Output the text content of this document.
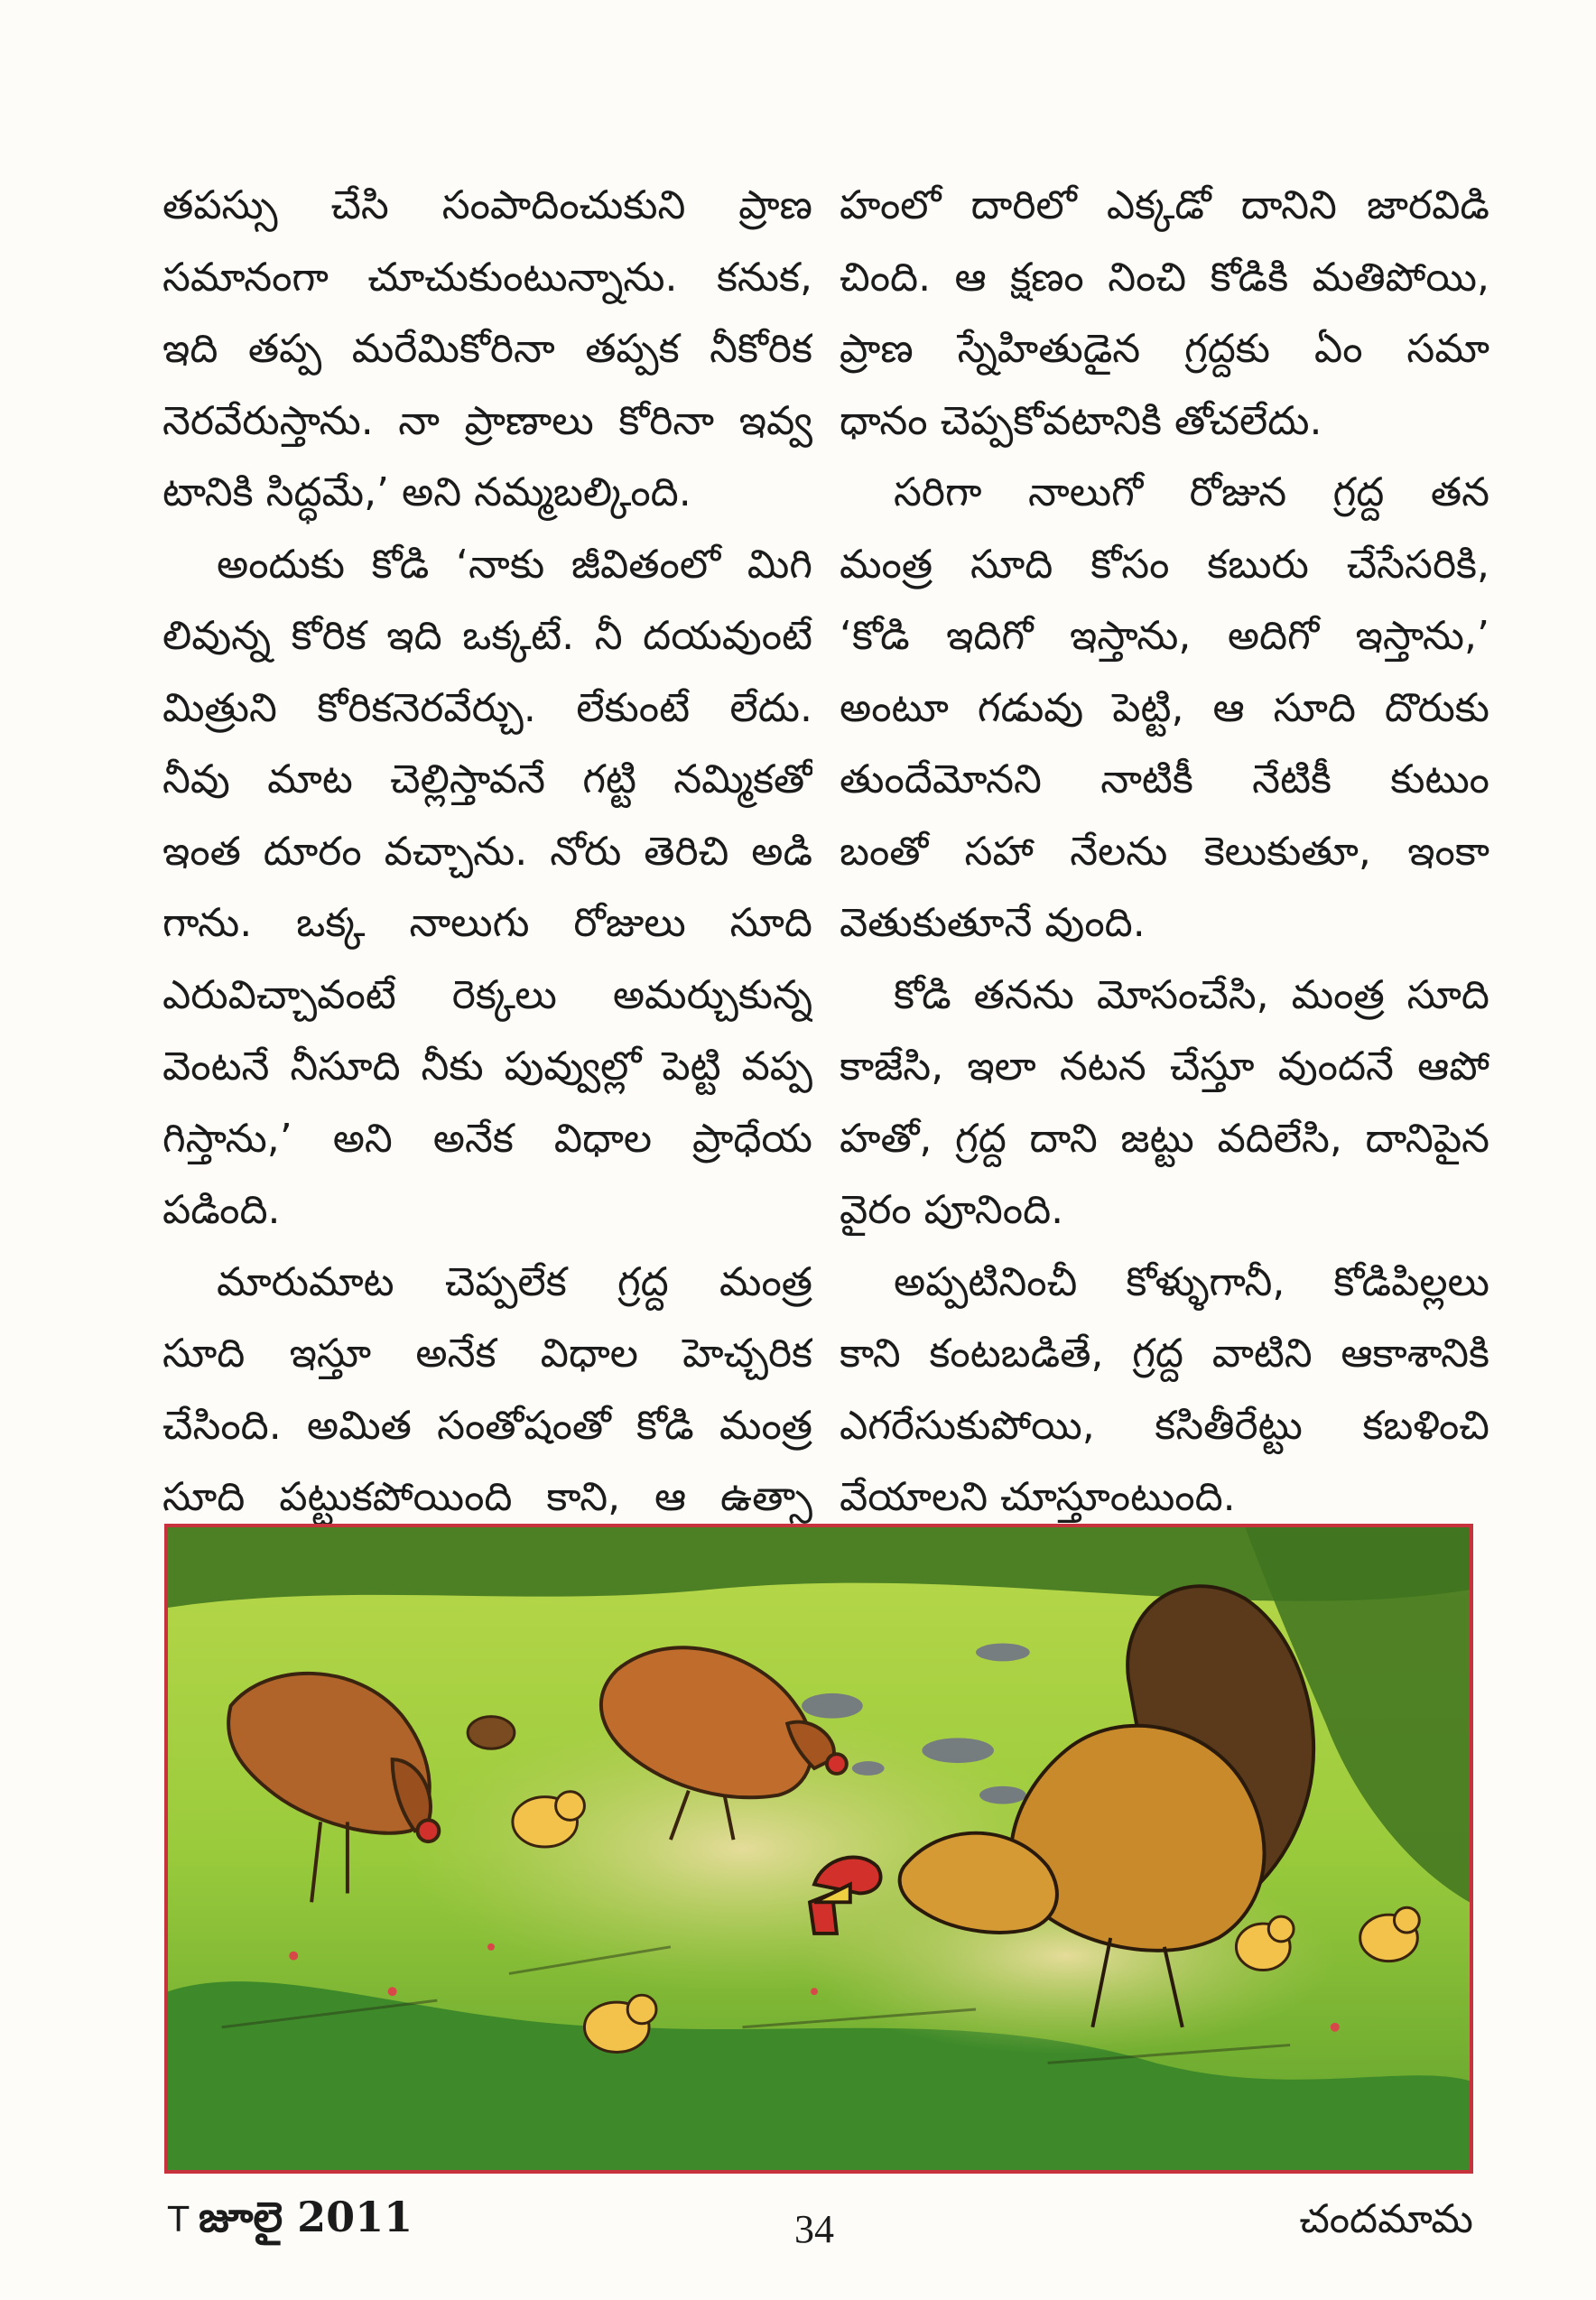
తపస్సు చేసి సంపాదించుకుని ప్రాణ
సమానంగా చూచుకుంటున్నాను. కనుక,
ఇది తప్ప మరేమికోరినా తప్పక నీకోరిక
నెరవేరుస్తాను. నా ప్రాణాలు కోరినా ఇవ్వ
టానికి సిద్ధమే,’ అని నమ్మబల్కింది.
అందుకు కోడి ‘నాకు జీవితంలో మిగి
లివున్న కోరిక ఇది ఒక్కటే. నీ దయవుంటే
మిత్రుని కోరికనెరవేర్చు. లేకుంటే లేదు.
నీవు మాట చెల్లిస్తావనే గట్టి నమ్మికతో
ఇంత దూరం వచ్చాను. నోరు తెరిచి అడి
గాను. ఒక్క నాలుగు రోజులు సూది
ఎరువిచ్చావంటే రెక్కలు అమర్చుకున్న
వెంటనే నీసూది నీకు పువ్వుల్లో పెట్టి వప్ప
గిస్తాను,’ అని అనేక విధాల ప్రాధేయ
పడింది.
మారుమాట చెప్పలేక గ్రద్ద మంత్ర
సూది ఇస్తూ అనేక విధాల హెచ్చరిక
చేసింది. అమిత సంతోషంతో కోడి మంత్ర
సూది పట్టుకపోయింది కాని, ఆ ఉత్సా
హంలో దారిలో ఎక్కడో దానిని జారవిడి
చింది. ఆ క్షణం నించి కోడికి మతిపోయి,
ప్రాణ స్నేహితుడైన గ్రద్దకు ఏం సమా
ధానం చెప్పకోవటానికి తోచలేదు.
సరిగా నాలుగో రోజున గ్రద్ద తన
మంత్ర సూది కోసం కబురు చేసేసరికి,
‘కోడి ఇదిగో ఇస్తాను, అదిగో ఇస్తాను,’
అంటూ గడువు పెట్టి, ఆ సూది దొరుకు
తుందేమోనని నాటికీ నేటికీ కుటుం
బంతో సహా నేలను కెలుకుతూ, ఇంకా
వెతుకుతూనే వుంది.
కోడి తనను మోసంచేసి, మంత్ర సూది
కాజేసి, ఇలా నటన చేస్తూ వుందనే ఆపో
హతో, గ్రద్ద దాని జట్టు వదిలేసి, దానిపైన
వైరం పూనింది.
అప్పటినించీ కోళ్ళుగానీ, కోడిపిల్లలు
కాని కంటబడితే, గ్రద్ద వాటిని ఆకాశానికి
ఎగరేసుకుపోయి, కసితీరేట్టు కబళించి
వేయాలని చూస్తూంటుంది.
T జూలై 2011	34	చందమామ
